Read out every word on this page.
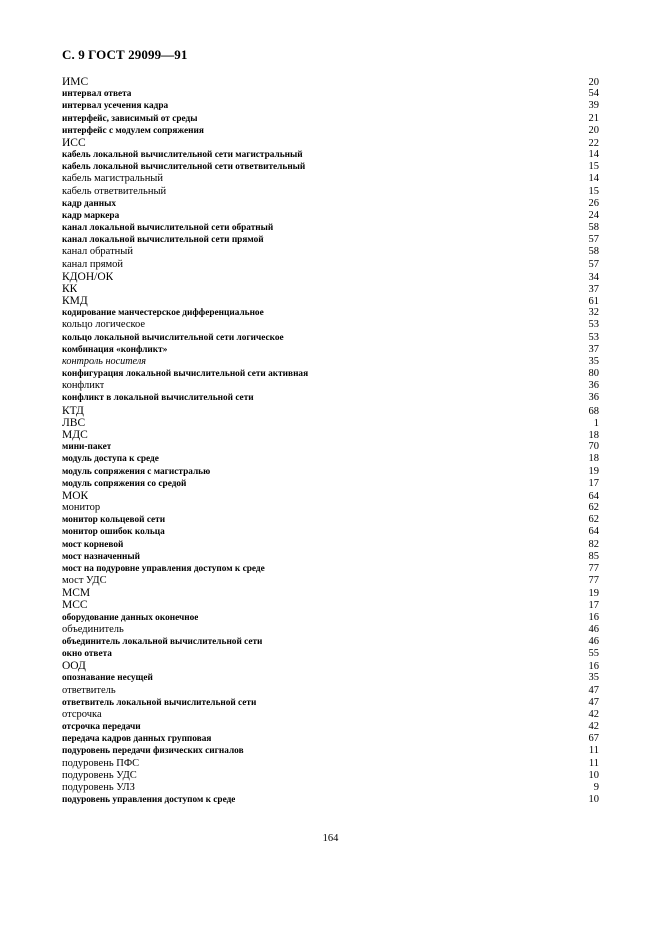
С. 9 ГОСТ 29099—91
ИМС	20
интервал ответа	54
интервал усечения кадра	39
интерфейс, зависимый от среды	21
интерфейс с модулем сопряжения	20
ИСС	22
кабель локальной вычислительной сети магистральный	14
кабель локальной вычислительной сети ответвительный	15
кабель магистральный	14
кабель ответвительный	15
кадр данных	26
кадр маркера	24
канал локальной вычислительной сети обратный	58
канал локальной вычислительной сети прямой	57
канал обратный	58
канал прямой	57
КДОН/ОК	34
КК	37
КМД	61
кодирование манчестерское дифференциальное	32
кольцо логическое	53
кольцо локальной вычислительной сети логическое	53
комбинация «конфликт»	37
контроль носителя	35
конфигурация локальной вычислительной сети активная	80
конфликт	36
конфликт в локальной вычислительной сети	36
КТД	68
ЛВС	1
МДС	18
мини-пакет	70
модуль доступа к среде	18
модуль сопряжения с магистралью	19
модуль сопряжения со средой	17
МОК	64
монитор	62
монитор кольцевой сети	62
монитор ошибок кольца	64
мост корневой	82
мост назначенный	85
мост на подуровне управления доступом к среде	77
мост УДС	77
МСМ	19
МСС	17
оборудование данных оконечное	16
объединитель	46
объединитель локальной вычислительной сети	46
окно ответа	55
ООД	16
опознавание несущей	35
ответвитель	47
ответвитель локальной вычислительной сети	47
отсрочка	42
отсрочка передачи	42
передача кадров данных групповая	67
подуровень передачи физических сигналов	11
подуровень ПФС	11
подуровень УДС	10
подуровень УЛЗ	9
подуровень управления доступом к среде	10
164
